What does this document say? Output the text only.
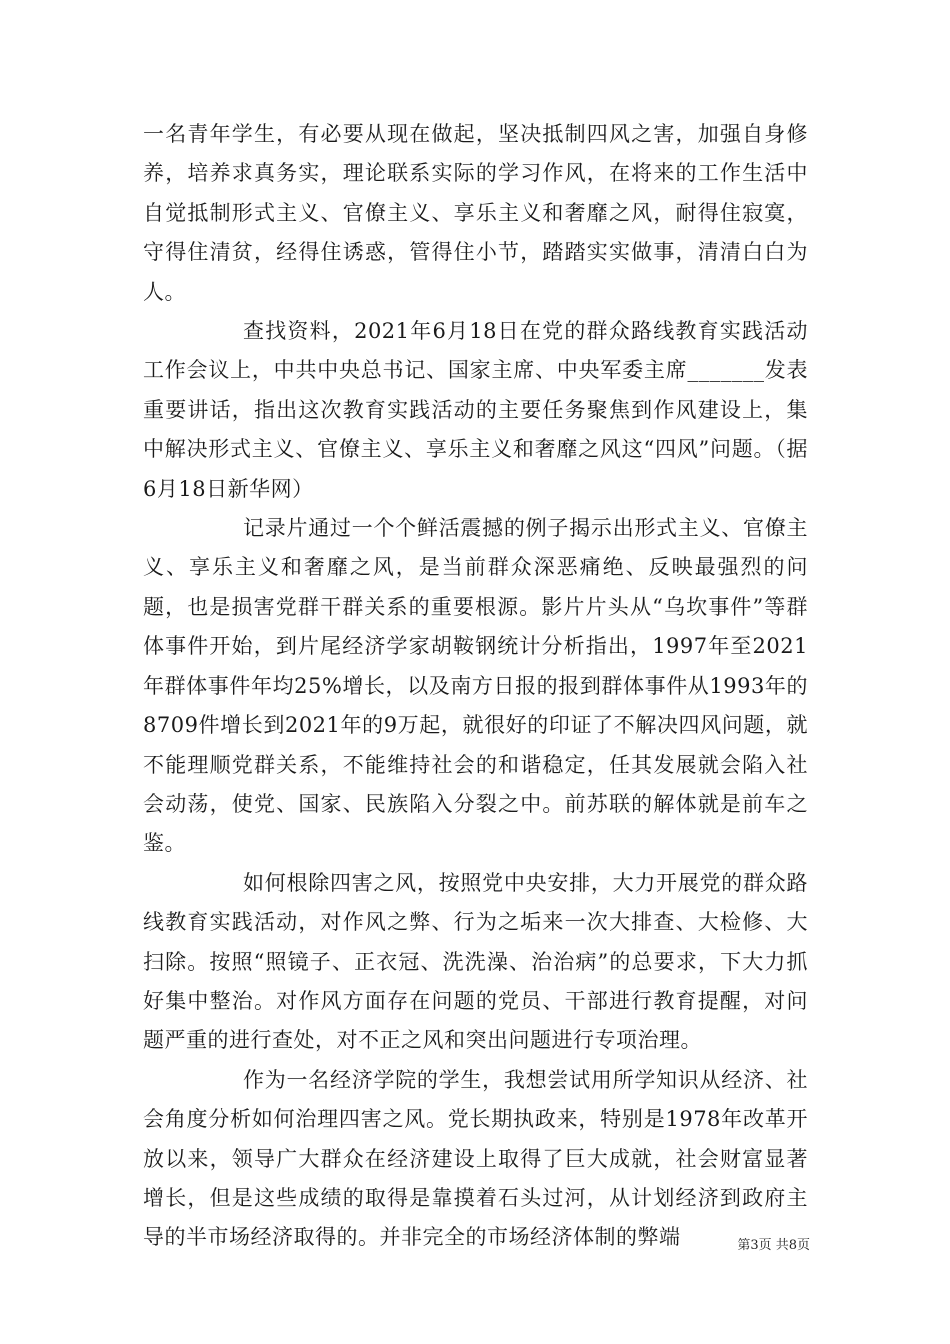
一名青年学生，有必要从现在做起，坚决抵制四风之害，加强自身修养，培养求真务实，理论联系实际的学习作风，在将来的工作生活中自觉抵制形式主义、官僚主义、享乐主义和奢靡之风，耐得住寂寞，守得住清贫，经得住诱惑，管得住小节，踏踏实实做事，清清白白为人。

查找资料，2021年6月18日在党的群众路线教育实践活动工作会议上，中共中央总书记、国家主席、中央军委主席_______发表重要讲话，指出这次教育实践活动的主要任务聚焦到作风建设上，集中解决形式主义、官僚主义、享乐主义和奢靡之风这“四风”问题。（据6月18日新华网）

记录片通过一个个鲜活震撼的例子揭示出形式主义、官僚主义、享乐主义和奢靡之风，是当前群众深恶痛绝、反映最强烈的问题，也是损害党群干群关系的重要根源。影片片头从“乌坎事件”等群体事件开始，到片尾经济学家胡鞍钢统计分析指出，1997年至2021年群体事件年均25%增长，以及南方日报的报到群体事件从1993年的8709件增长到2021年的9万起，就很好的印证了不解决四风问题，就不能理顺党群关系，不能维持社会的和谐稳定，任其发展就会陷入社会动荡，使党、国家、民族陷入分裂之中。前苏联的解体就是前车之鉴。

如何根除四害之风，按照党中央安排，大力开展党的群众路线教育实践活动，对作风之弊、行为之垢来一次大排查、大检修、大扫除。按照“照镜子、正衣冠、洗洗澡、治治病”的总要求，下大力抓好集中整治。对作风方面存在问题的党员、干部进行教育提醒，对问题严重的进行查处，对不正之风和突出问题进行专项治理。

作为一名经济学院的学生，我想尝试用所学知识从经济、社会角度分析如何治理四害之风。党长期执政来，特别是1978年改革开放以来，领导广大群众在经济建设上取得了巨大成就，社会财富显著增长，但是这些成绩的取得是靠摸着石头过河，从计划经济到政府主导的半市场经济取得的。并非完全的市场经济体制的弊端	第3页 共8页
